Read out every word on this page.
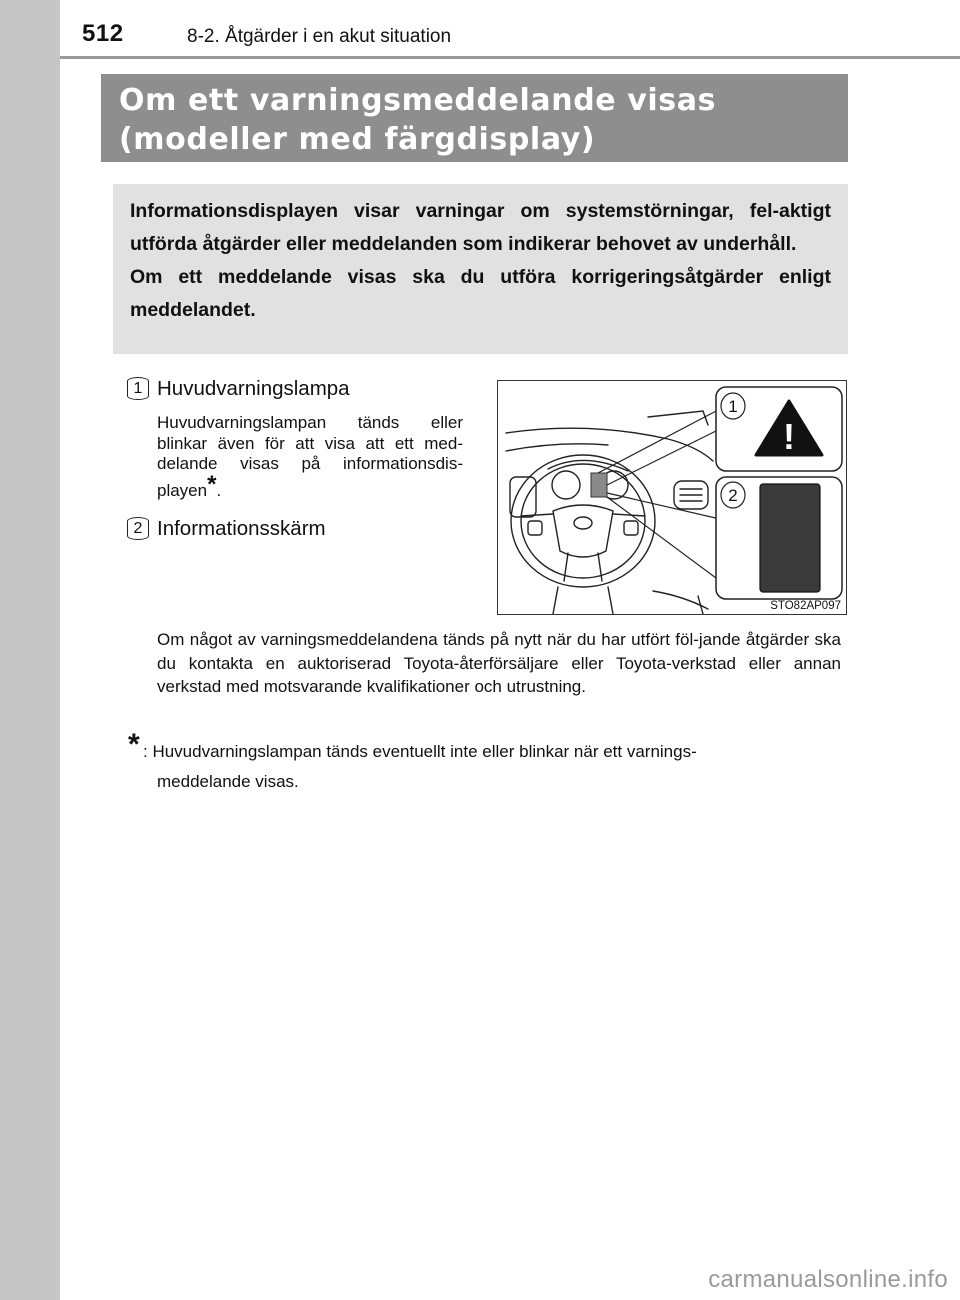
512	8-2. Åtgärder i en akut situation
Om ett varningsmeddelande visas
(modeller med färgdisplay)

Informationsdisplayen visar varningar om systemstörningar, fel-aktigt utförda åtgärder eller meddelanden som indikerar behovet av underhåll.

Om ett meddelande visas ska du utföra korrigeringsåtgärder enligt meddelandet.

1 Huvudvarningslampa
Huvudvarningslampan tänds eller blinkar även för att visa att ett med-delande visas på informationsdis-playen*.
2 Informationsskärm
1
2
!
STO82AP097
Om något av varningsmeddelandena tänds på nytt när du har utfört föl-jande åtgärder ska du kontakta en auktoriserad Toyota-återförsäljare eller Toyota-verkstad eller annan verkstad med motsvarande kvalifikationer och utrustning.
* : Huvudvarningslampan tänds eventuellt inte eller blinkar när ett varnings-
meddelande visas.
carmanualsonline.info
